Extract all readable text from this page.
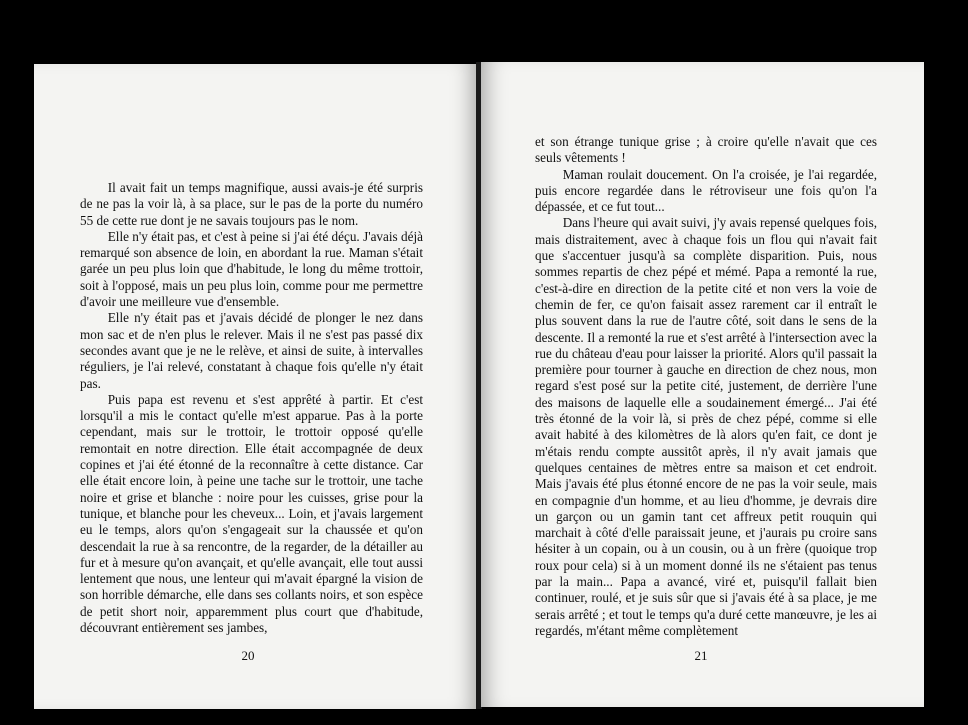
Il avait fait un temps magnifique, aussi avais-je été surpris de ne pas la voir là, à sa place, sur le pas de la porte du numéro 55 de cette rue dont je ne savais toujours pas le nom.

Elle n'y était pas, et c'est à peine si j'ai été déçu. J'avais déjà remarqué son absence de loin, en abordant la rue. Maman s'était garée un peu plus loin que d'habitude, le long du même trottoir, soit à l'opposé, mais un peu plus loin, comme pour me permettre d'avoir une meilleure vue d'ensemble.

Elle n'y était pas et j'avais décidé de plonger le nez dans mon sac et de n'en plus le relever. Mais il ne s'est pas passé dix secondes avant que je ne le relève, et ainsi de suite, à intervalles réguliers, je l'ai relevé, constatant à chaque fois qu'elle n'y était pas.

Puis papa est revenu et s'est apprêté à partir. Et c'est lorsqu'il a mis le contact qu'elle m'est apparue. Pas à la porte cependant, mais sur le trottoir, le trottoir opposé qu'elle remontait en notre direction. Elle était accompagnée de deux copines et j'ai été étonné de la reconnaître à cette distance. Car elle était encore loin, à peine une tache sur le trottoir, une tache noire et grise et blanche : noire pour les cuisses, grise pour la tunique, et blanche pour les cheveux... Loin, et j'avais largement eu le temps, alors qu'on s'engageait sur la chaussée et qu'on descendait la rue à sa rencontre, de la regarder, de la détailler au fur et à mesure qu'on avançait, et qu'elle avançait, elle tout aussi lentement que nous, une lenteur qui m'avait épargné la vision de son horrible démarche, elle dans ses collants noirs, et son espèce de petit short noir, apparemment plus court que d'habitude, découvrant entièrement ses jambes,

20

et son étrange tunique grise ; à croire qu'elle n'avait que ces seuls vêtements !

Maman roulait doucement. On l'a croisée, je l'ai regardée, puis encore regardée dans le rétroviseur une fois qu'on l'a dépassée, et ce fut tout...

Dans l'heure qui avait suivi, j'y avais repensé quelques fois, mais distraitement, avec à chaque fois un flou qui n'avait fait que s'accentuer jusqu'à sa complète disparition. Puis, nous sommes repartis de chez pépé et mémé. Papa a remonté la rue, c'est-à-dire en direction de la petite cité et non vers la voie de chemin de fer, ce qu'on faisait assez rarement car il entraît le plus souvent dans la rue de l'autre côté, soit dans le sens de la descente. Il a remonté la rue et s'est arrêté à l'intersection avec la rue du château d'eau pour laisser la priorité. Alors qu'il passait la première pour tourner à gauche en direction de chez nous, mon regard s'est posé sur la petite cité, justement, de derrière l'une des maisons de laquelle elle a soudainement émergé... J'ai été très étonné de la voir là, si près de chez pépé, comme si elle avait habité à des kilomètres de là alors qu'en fait, ce dont je m'étais rendu compte aussitôt après, il n'y avait jamais que quelques centaines de mètres entre sa maison et cet endroit. Mais j'avais été plus étonné encore de ne pas la voir seule, mais en compagnie d'un homme, et au lieu d'homme, je devrais dire un garçon ou un gamin tant cet affreux petit rouquin qui marchait à côté d'elle paraissait jeune, et j'aurais pu croire sans hésiter à un copain, ou à un cousin, ou à un frère (quoique trop roux pour cela) si à un moment donné ils ne s'étaient pas tenus par la main... Papa a avancé, viré et, puisqu'il fallait bien continuer, roulé, et je suis sûr que si j'avais été à sa place, je me serais arrêté ; et tout le temps qu'a duré cette manœuvre, je les ai regardés, m'étant même complètement

21
